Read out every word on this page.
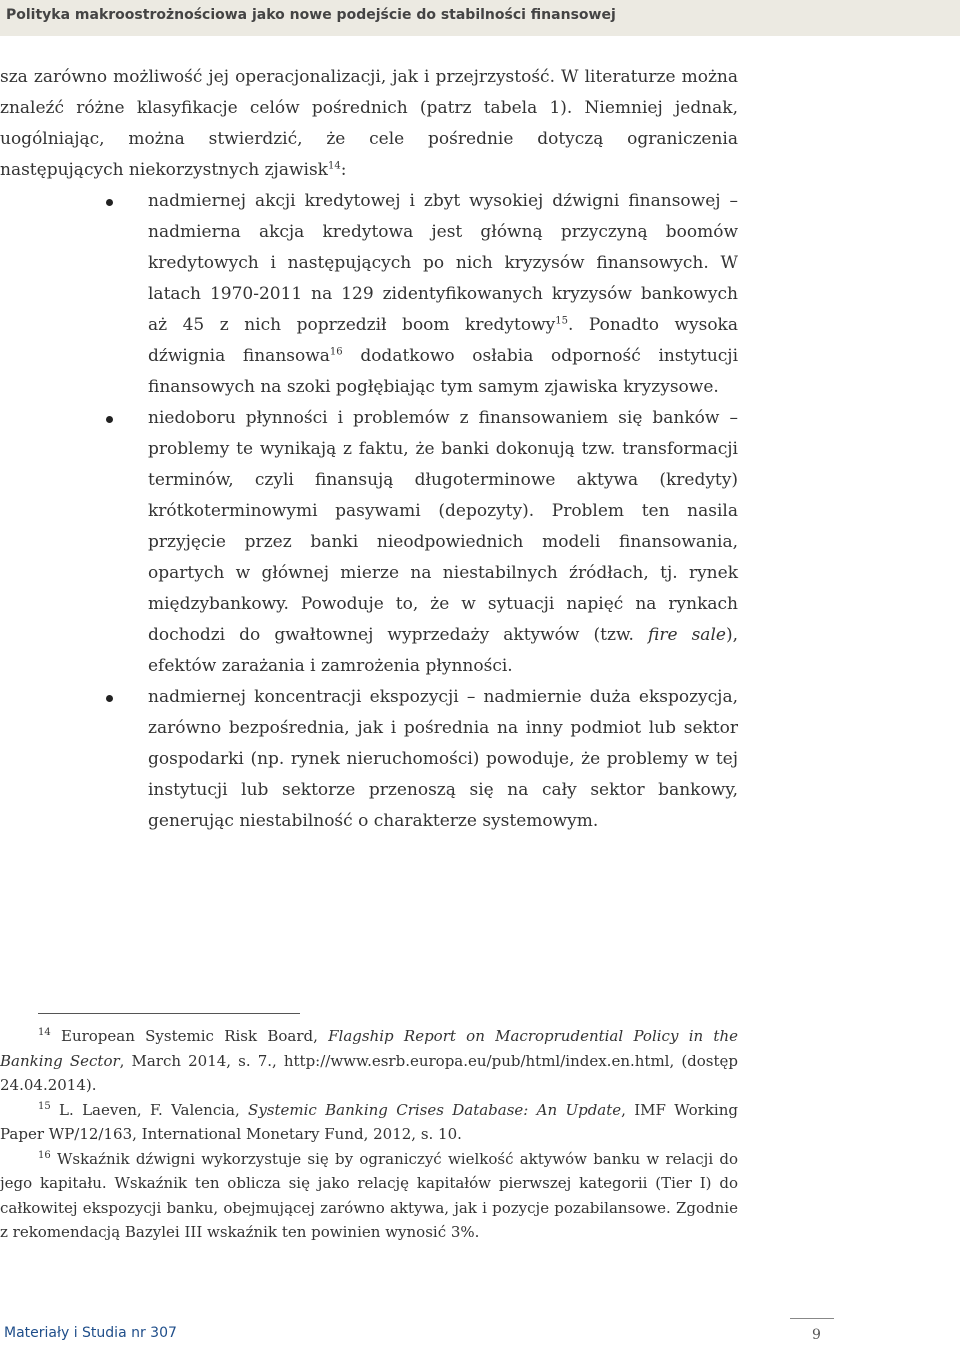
Polityka makroostrożnościowa jako nowe podejście do stabilności finansowej

sza zarówno możliwość jej operacjonalizacji, jak i przejrzystość. W literaturze można znaleźć różne klasyfikacje celów pośrednich (patrz tabela 1). Niemniej jednak, uogólniając, można stwierdzić, że cele pośrednie dotyczą ograniczenia następujących niekorzystnych zjawisk$^{14}$:

nadmiernej akcji kredytowej i zbyt wysokiej dźwigni finansowej – nadmierna akcja kredytowa jest główną przyczyną boomów kredytowych i następujących po nich kryzysów finansowych. W latach 1970-2011 na 129 zidentyfikowanych kryzysów bankowych aż 45 z nich poprzedził boom kredytowy$^{15}$. Ponadto wysoka dźwignia finansowa$^{16}$ dodatkowo osłabia odporność instytucji finansowych na szoki pogłębiając tym samym zjawiska kryzysowe.
niedoboru płynności i problemów z finansowaniem się banków – problemy te wynikają z faktu, że banki dokonują tzw. transformacji terminów, czyli finansują długoterminowe aktywa (kredyty) krótkoterminowymi pasywami (depozyty). Problem ten nasila przyjęcie przez banki nieodpowiednich modeli finansowania, opartych w głównej mierze na niestabilnych źródłach, tj. rynek międzybankowy. Powoduje to, że w sytuacji napięć na rynkach dochodzi do gwałtownej wyprzedaży aktywów (tzw. fire sale), efektów zarażania i zamrożenia płynności.
nadmiernej koncentracji ekspozycji – nadmiernie duża ekspozycja, zarówno bezpośrednia, jak i pośrednia na inny podmiot lub sektor gospodarki (np. rynek nieruchomości) powoduje, że problemy w tej instytucji lub sektorze przenoszą się na cały sektor bankowy, generując niestabilność o charakterze systemowym.

$^{14}$ European Systemic Risk Board, Flagship Report on Macroprudential Policy in the Banking Sector, March 2014, s. 7., http://www.esrb.europa.eu/pub/html/index.en.html, (dostęp 24.04.2014).

$^{15}$ L. Laeven, F. Valencia, Systemic Banking Crises Database: An Update, IMF Working Paper WP/12/163, International Monetary Fund, 2012, s. 10.

$^{16}$ Wskaźnik dźwigni wykorzystuje się by ograniczyć wielkość aktywów banku w relacji do jego kapitału. Wskaźnik ten oblicza się jako relację kapitałów pierwszej kategorii (Tier I) do całkowitej ekspozycji banku, obejmującej zarówno aktywa, jak i pozycje pozabilansowe. Zgodnie z rekomendacją Bazylei III wskaźnik ten powinien wynosić 3%.

Materiały i Studia nr 307	9
